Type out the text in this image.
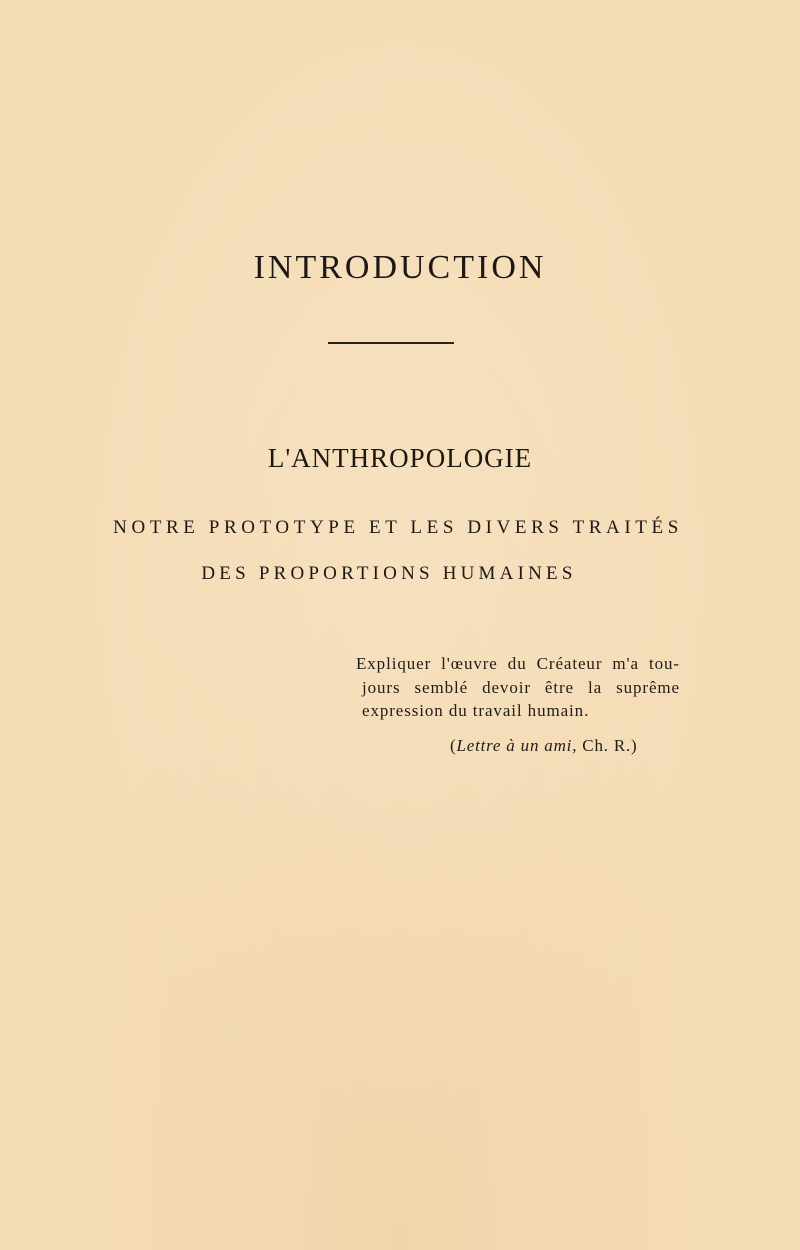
INTRODUCTION
L'ANTHROPOLOGIE
NOTRE PROTOTYPE ET LES DIVERS TRAITÉS
DES PROPORTIONS HUMAINES
Expliquer l'œuvre du Créateur m'a tou-
jours semblé devoir être la suprême
expression du travail humain.
(Lettre à un ami, Ch. R.)
